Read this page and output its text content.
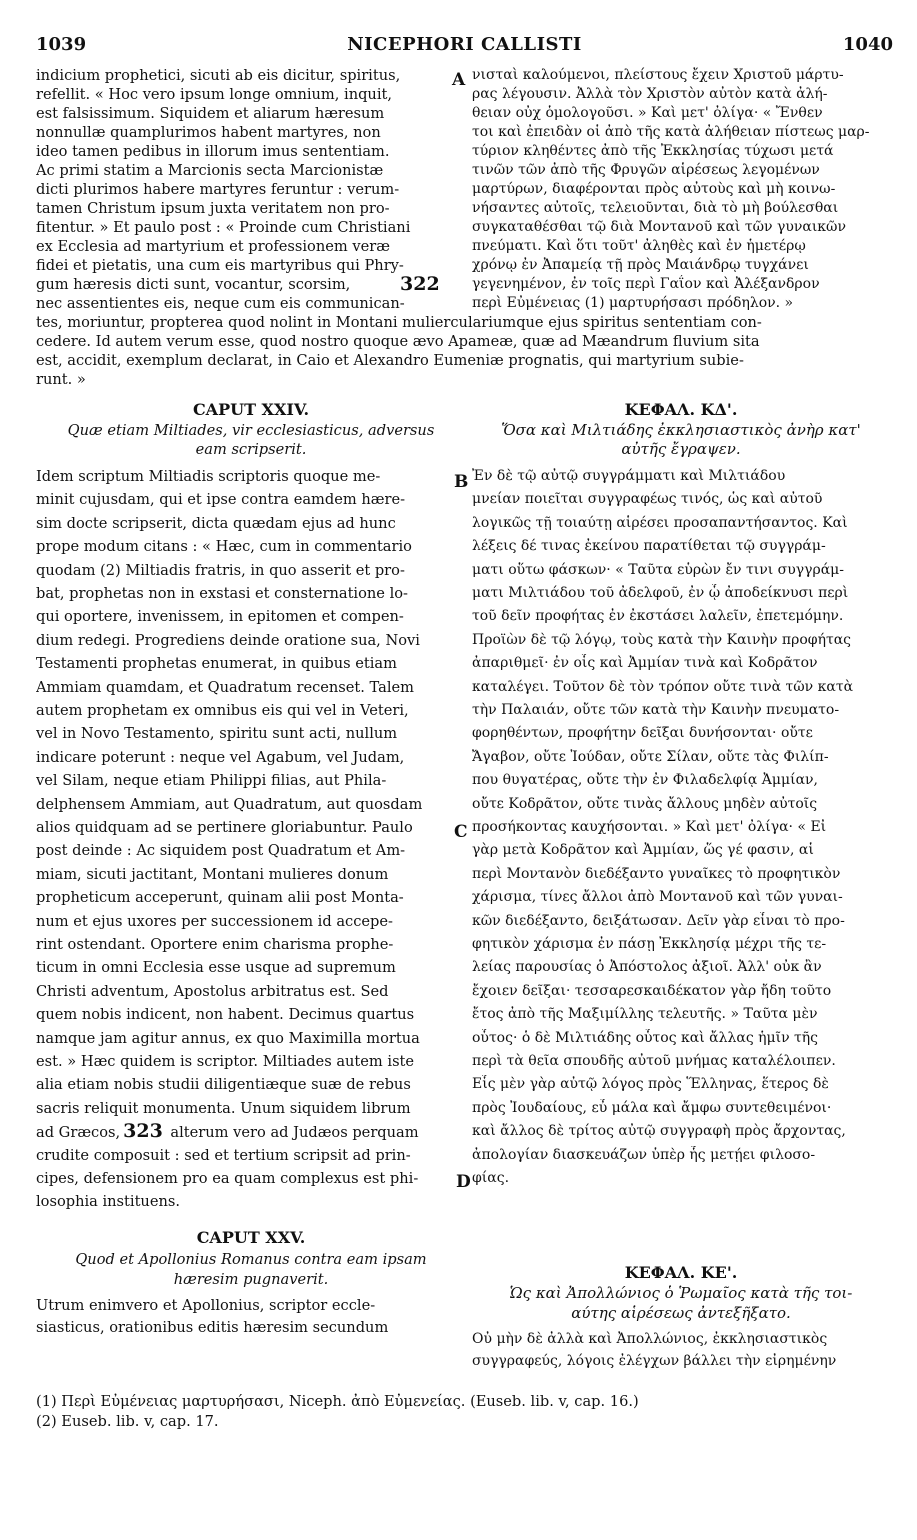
1039	NICEPHORI CALLISTI	1040
A
B
C
D
indicium prophetici, sicuti ab eis dicitur, spiritus,
refellit. « Hoc vero ipsum longe omnium, inquit,
est falsissimum. Siquidem et aliarum hæresum
nonnullæ quamplurimos habent martyres, non
ideo tamen pedibus in illorum imus sententiam.
Ac primi statim a Marcionis secta Marcionistæ
dicti plurimos habere martyres feruntur : verum-
tamen Christum ipsum juxta veritatem non pro-
fitentur. » Et paulo post : « Proinde cum Christiani
ex Ecclesia ad martyrium et professionem veræ
fidei et pietatis, una cum eis martyribus qui Phry-
gum hæresis dicti sunt, vocantur, scorsim,	322
nec assentientes eis, neque cum eis communican-
νισταὶ καλούμενοι, πλείστους ἔχειν Χριστοῦ μάρτυ-
ρας λέγουσιν. Ἀλλὰ τὸν Χριστὸν αὐτὸν κατὰ ἀλή-
θειαν οὐχ ὁμολογοῦσι. » Καὶ μετ' ὀλίγα· « Ἔνθεν
τοι καὶ ἐπειδὰν οἱ ἀπὸ τῆς κατὰ ἀλήθειαν πίστεως μαρ-
τύριον κληθέντες ἀπὸ τῆς Ἐκκλησίας τύχωσι μετά
τινῶν τῶν ἀπὸ τῆς Φρυγῶν αἱρέσεως λεγομένων
μαρτύρων, διαφέρονται πρὸς αὐτοὺς καὶ μὴ κοινω-
νήσαντες αὐτοῖς, τελειοῦνται, διὰ τὸ μὴ βούλεσθαι
συγκαταθέσθαι τῷ διὰ Μοντανοῦ καὶ τῶν γυναικῶν
πνεύματι. Καὶ ὅτι τοῦτ' ἀληθὲς καὶ ἐν ἡμετέρῳ
χρόνῳ ἐν Ἀπαμείᾳ τῇ πρὸς Μαιάνδρῳ τυγχάνει
γεγενημένον, ἐν τοῖς περὶ Γαΐον καὶ Ἀλέξανδρον
περὶ Εὐμένειας (1) μαρτυρήσασι πρόδηλον. »
tes, moriuntur, propterea quod nolint in Montani mulierculariumque ejus spiritus sententiam con-
cedere. Id autem verum esse, quod nostro quoque ævo Apameæ, quæ ad Mæandrum fluvium sita
est, accidit, exemplum declarat, in Caio et Alexandro Eumeniæ prognatis, qui martyrium subie-
runt. »
CAPUT XXIV.
Quæ etiam Miltiades, vir ecclesiasticus, adversus
eam scripserit.
ΚΕΦΑΛ. ΚΔ'.
Ὅσα καὶ Μιλτιάδης ἐκκλησιαστικὸς ἀνὴρ κατ'
αὐτῆς ἔγραψεν.
Idem scriptum Miltiadis scriptoris quoque me-
minit cujusdam, qui et ipse contra eamdem hære-
sim docte scripserit, dicta quædam ejus ad hunc
prope modum citans : « Hæc, cum in commentario
quodam (2) Miltiadis fratris, in quo asserit et pro-
bat, prophetas non in exstasi et consternatione lo-
qui oportere, invenissem, in epitomen et compen-
dium redegi. Progrediens deinde oratione sua, Novi
Testamenti prophetas enumerat, in quibus etiam
Ammiam quamdam, et Quadratum recenset. Talem
autem prophetam ex omnibus eis qui vel in Veteri,
vel in Novo Testamento, spiritu sunt acti, nullum
indicare poterunt : neque vel Agabum, vel Judam,
vel Silam, neque etiam Philippi filias, aut Phila-
delphensem Ammiam, aut Quadratum, aut quosdam
alios quidquam ad se pertinere gloriabuntur. Paulo
post deinde : Ac siquidem post Quadratum et Am-
miam, sicuti jactitant, Montani mulieres donum
propheticum acceperunt, quinam alii post Monta-
num et ejus uxores per successionem id accepe-
rint ostendant. Oportere enim charisma prophe-
ticum in omni Ecclesia esse usque ad supremum
Christi adventum, Apostolus arbitratus est. Sed
quem nobis indicent, non habent. Decimus quartus
namque jam agitur annus, ex quo Maximilla mortua
est. » Hæc quidem is scriptor. Miltiades autem iste
alia etiam nobis studii diligentiæque suæ de rebus
sacris reliquit monumenta. Unum siquidem librum
ad Græcos, 323 alterum vero ad Judæos perquam
crudite composuit : sed et tertium scripsit ad prin-
cipes, defensionem pro ea quam complexus est phi-
losophia instituens.
Ἐν δὲ τῷ αὐτῷ συγγράμματι καὶ Μιλτιάδου
μνείαν ποιεῖται συγγραφέως τινός, ὡς καὶ αὐτοῦ
λογικῶς τῇ τοιαύτῃ αἱρέσει προσαπαντήσαντος. Καὶ
λέξεις δέ τινας ἐκείνου παρατίθεται τῷ συγγράμ-
ματι οὕτω φάσκων· « Ταῦτα εὑρὼν ἔν τινι συγγράμ-
ματι Μιλτιάδου τοῦ ἀδελφοῦ, ἐν ᾧ ἀποδείκνυσι περὶ
τοῦ δεῖν προφήτας ἐν ἐκστάσει λαλεῖν, ἐπετεμόμην.
Προϊὼν δὲ τῷ λόγῳ, τοὺς κατὰ τὴν Καινὴν προφήτας
ἀπαριθμεῖ· ἐν οἷς καὶ Ἀμμίαν τινὰ καὶ Κοδρᾶτον
καταλέγει. Τοῦτον δὲ τὸν τρόπον οὔτε τινὰ τῶν κατὰ
τὴν Παλαιάν, οὔτε τῶν κατὰ τὴν Καινὴν πνευματο-
φορηθέντων, προφήτην δεῖξαι δυνήσονται· οὔτε
Ἄγαβον, οὔτε Ἰούδαν, οὔτε Σίλαν, οὔτε τὰς Φιλίπ-
που θυγατέρας, οὔτε τὴν ἐν Φιλαδελφίᾳ Ἀμμίαν,
οὔτε Κοδρᾶτον, οὔτε τινὰς ἄλλους μηδὲν αὐτοῖς
προσήκοντας καυχήσονται. » Καὶ μετ' ὀλίγα· « Εἰ
γὰρ μετὰ Κοδρᾶτον καὶ Ἀμμίαν, ὥς γέ φασιν, αἱ
περὶ Μοντανὸν διεδέξαντο γυναῖκες τὸ προφητικὸν
χάρισμα, τίνες ἄλλοι ἀπὸ Μοντανοῦ καὶ τῶν γυναι-
κῶν διεδέξαντο, δειξάτωσαν. Δεῖν γὰρ εἶναι τὸ προ-
φητικὸν χάρισμα ἐν πάσῃ Ἐκκλησίᾳ μέχρι τῆς τε-
λείας παρουσίας ὁ Ἀπόστολος ἀξιοῖ. Ἀλλ' οὐκ ἂν
ἔχοιεν δεῖξαι· τεσσαρεσκαιδέκατον γὰρ ἤδη τοῦτο
ἔτος ἀπὸ τῆς Μαξιμίλλης τελευτῆς. » Ταῦτα μὲν
οὗτος· ὁ δὲ Μιλτιάδης οὗτος καὶ ἄλλας ἡμῖν τῆς
περὶ τὰ θεῖα σπουδῆς αὐτοῦ μνήμας καταλέλοιπεν.
Εἷς μὲν γὰρ αὐτῷ λόγος πρὸς Ἕλληνας, ἕτερος δὲ
πρὸς Ἰουδαίους, εὖ μάλα καὶ ἄμφω συντεθειμένοι·
καὶ ἄλλος δὲ τρίτος αὐτῷ συγγραφὴ πρὸς ἄρχοντας,
ἀπολογίαν διασκευάζων ὑπὲρ ἧς μετῄει φιλοσο-
φίας.
CAPUT XXV.
Quod et Apollonius Romanus contra eam ipsam
hæresim pugnaverit.	ΚΕΦΑΛ. ΚΕ'.
Ὡς καὶ Ἀπολλώνιος ὁ Ῥωμαῖος κατὰ τῆς τοι-
αύτης αἱρέσεως ἀντεξῆξατο.
Utrum enimvero et Apollonius, scriptor eccle-
siasticus, orationibus editis hæresim secundum
Οὐ μὴν δὲ ἀλλὰ καὶ Ἀπολλώνιος, ἐκκλησιαστικὸς
συγγραφεύς, λόγοις ἐλέγχων βάλλει τὴν εἰρημένην
(1) Περὶ Εὐμένειας μαρτυρήσασι, Niceph. ἀπὸ Εὐμενείας. (Euseb. lib. v, cap. 16.)
(2) Euseb. lib. v, cap. 17.
